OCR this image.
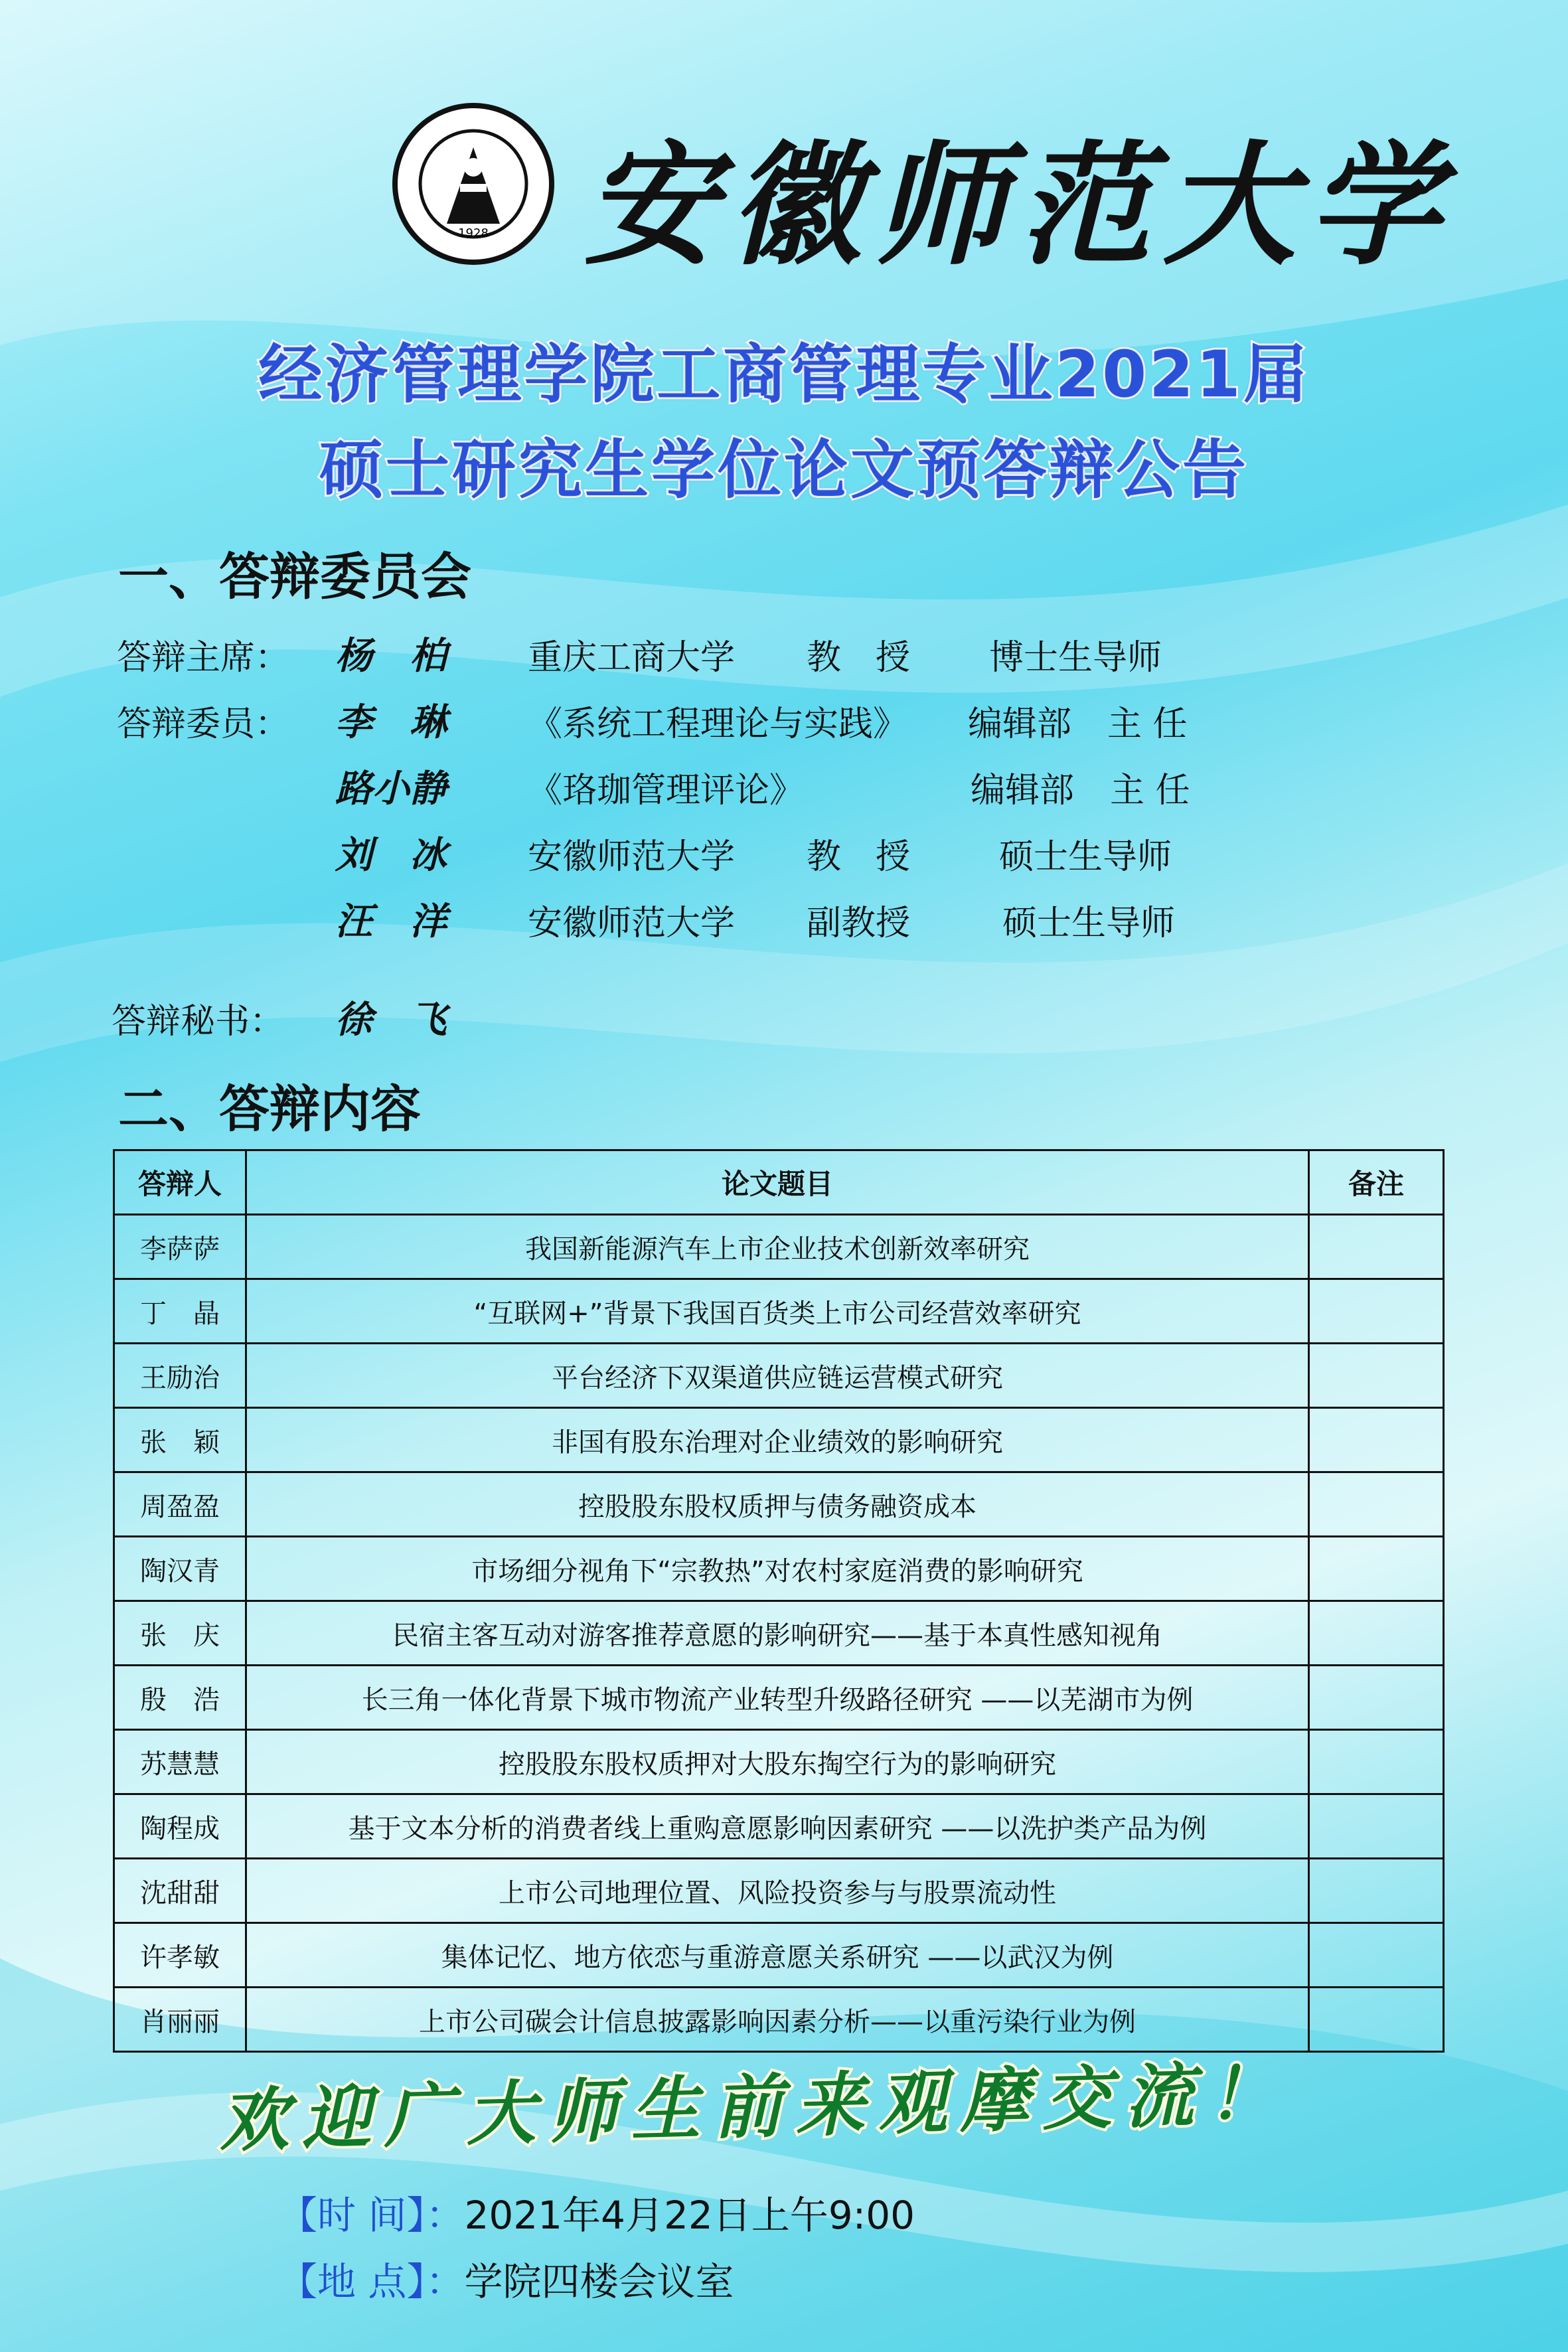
1928 安徽师范大学
经济管理学院工商管理专业2021届
硕士研究生学位论文预答辩公告
一、答辩委员会
答辩主席： 杨　柏 重庆工商大学 教　授 博士生导师
答辩委员： 李　琳 《系统工程理论与实践》 编辑部 主 任
路小静 《珞珈管理评论》	编辑部 主 任
刘　冰 安徽师范大学 教　授	硕士生导师
汪　洋 安徽师范大学 副教授	硕士生导师
答辩秘书： 徐　飞
二、答辩内容
答辩人	论文题目	备注
李萨萨	我国新能源汽车上市企业技术创新效率研究	
丁　晶	“互联网+”背景下我国百货类上市公司经营效率研究	
王励治	平台经济下双渠道供应链运营模式研究	
张　颖	非国有股东治理对企业绩效的影响研究	
周盈盈	控股股东股权质押与债务融资成本	
陶汉青	市场细分视角下“宗教热”对农村家庭消费的影响研究	
张　庆	民宿主客互动对游客推荐意愿的影响研究——基于本真性感知视角	
殷　浩	长三角一体化背景下城市物流产业转型升级路径研究 ——以芜湖市为例	
苏慧慧	控股股东股权质押对大股东掏空行为的影响研究	
陶程成	基于文本分析的消费者线上重购意愿影响因素研究 ——以洗护类产品为例	
沈甜甜	上市公司地理位置、风险投资参与与股票流动性	
许孝敏	集体记忆、地方依恋与重游意愿关系研究 ——以武汉为例	
肖丽丽	上市公司碳会计信息披露影响因素分析——以重污染行业为例	
欢迎广大师生前来观摩交流！
【时 间】：2021年4月22日上午9:00
【地 点】：学院四楼会议室
